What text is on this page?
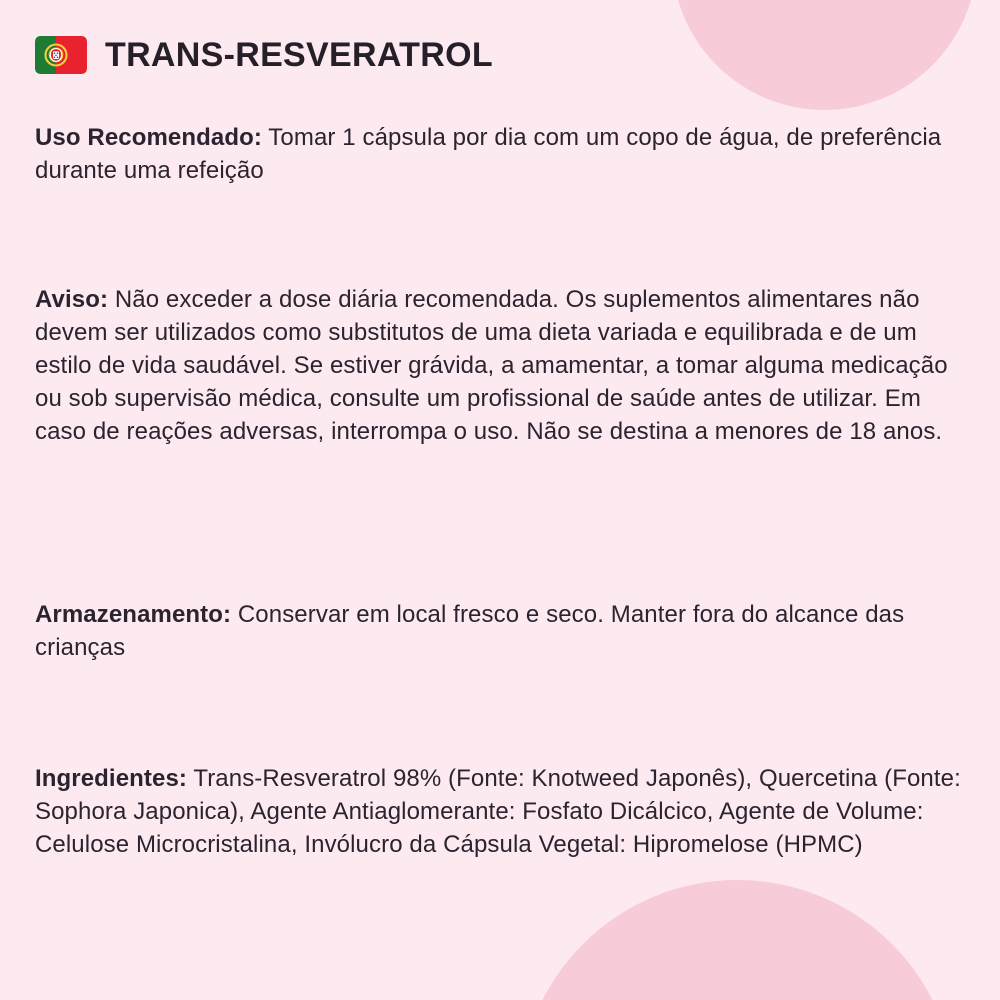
TRANS-RESVERATROL

Uso Recomendado: Tomar 1 cápsula por dia com um copo de água, de preferência durante uma refeição

Aviso: Não exceder a dose diária recomendada. Os suplementos alimentares não devem ser utilizados como substitutos de uma dieta variada e equilibrada e de um estilo de vida saudável. Se estiver grávida, a amamentar, a tomar alguma medicação ou sob supervisão médica, consulte um profissional de saúde antes de utilizar. Em caso de reações adversas, interrompa o uso. Não se destina a menores de 18 anos.

Armazenamento: Conservar em local fresco e seco. Manter fora do alcance das crianças

Ingredientes: Trans-Resveratrol 98% (Fonte: Knotweed Japonês), Quercetina (Fonte: Sophora Japonica), Agente Antiaglomerante: Fosfato Dicálcico, Agente de Volume: Celulose Microcristalina, Invólucro da Cápsula Vegetal: Hipromelose (HPMC)
